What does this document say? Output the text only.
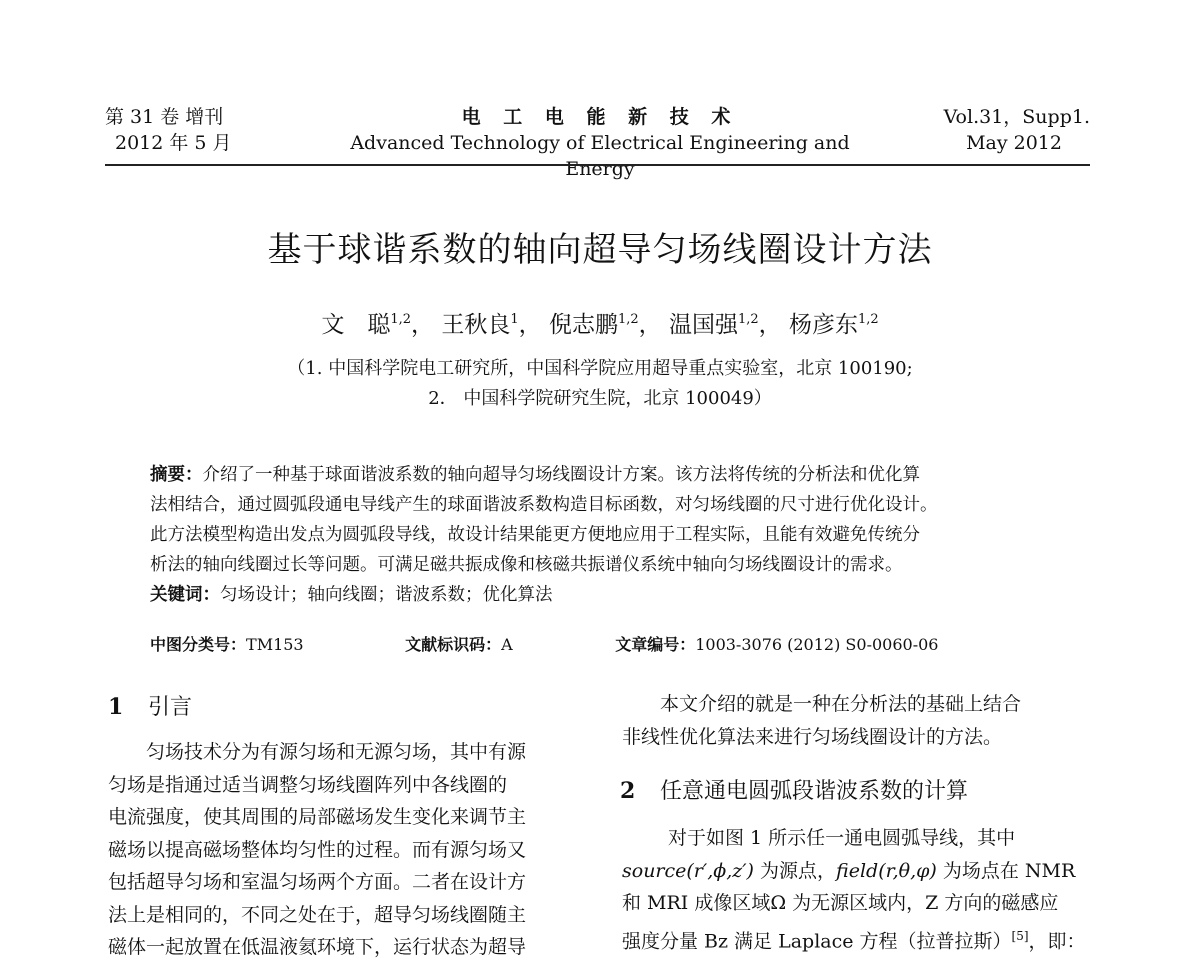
第 31 卷 增刊
2012 年 5 月
电 工 电 能 新 技 术
Advanced Technology of Electrical Engineering and Energy
Vol.31，Supp1.
May 2012
基于球谐系数的轴向超导匀场线圈设计方法
文　聪$^{1,2}$， 王秋良$^1$， 倪志鹏$^{1,2}$， 温国强$^{1,2}$， 杨彦东$^{1,2}$
（1. 中国科学院电工研究所，中国科学院应用超导重点实验室，北京 100190;
2． 中国科学院研究生院，北京 100049）
摘要：介绍了一种基于球面谐波系数的轴向超导匀场线圈设计方案。该方法将传统的分析法和优化算
法相结合，通过圆弧段通电导线产生的球面谐波系数构造目标函数，对匀场线圈的尺寸进行优化设计。
此方法模型构造出发点为圆弧段导线，故设计结果能更方便地应用于工程实际，且能有效避免传统分
析法的轴向线圈过长等问题。可满足磁共振成像和核磁共振谱仪系统中轴向匀场线圈设计的需求。
关键词：匀场设计；轴向线圈；谐波系数；优化算法
中图分类号：TM153	文献标识码：A	文章编号：1003-3076 (2012) S0-0060-06
1 引言
匀场技术分为有源匀场和无源匀场，其中有源
匀场是指通过适当调整匀场线圈阵列中各线圈的
电流强度，使其周围的局部磁场发生变化来调节主
磁场以提高磁场整体均匀性的过程。而有源匀场又
包括超导匀场和室温匀场两个方面。二者在设计方
法上是相同的，不同之处在于，超导匀场线圈随主
磁体一起放置在低温液氦环境下，运行状态为超导
本文介绍的就是一种在分析法的基础上结合
非线性优化算法来进行匀场线圈设计的方法。
2 任意通电圆弧段谐波系数的计算
对于如图 1 所示任一通电圆弧导线，其中
source(r′,ϕ,z′) 为源点，field(r,θ,φ) 为场点在 NMR
和 MRI 成像区域Ω 为无源区域内，Z 方向的磁感应
强度分量 Bz 满足 Laplace 方程（拉普拉斯）[5]，即：
